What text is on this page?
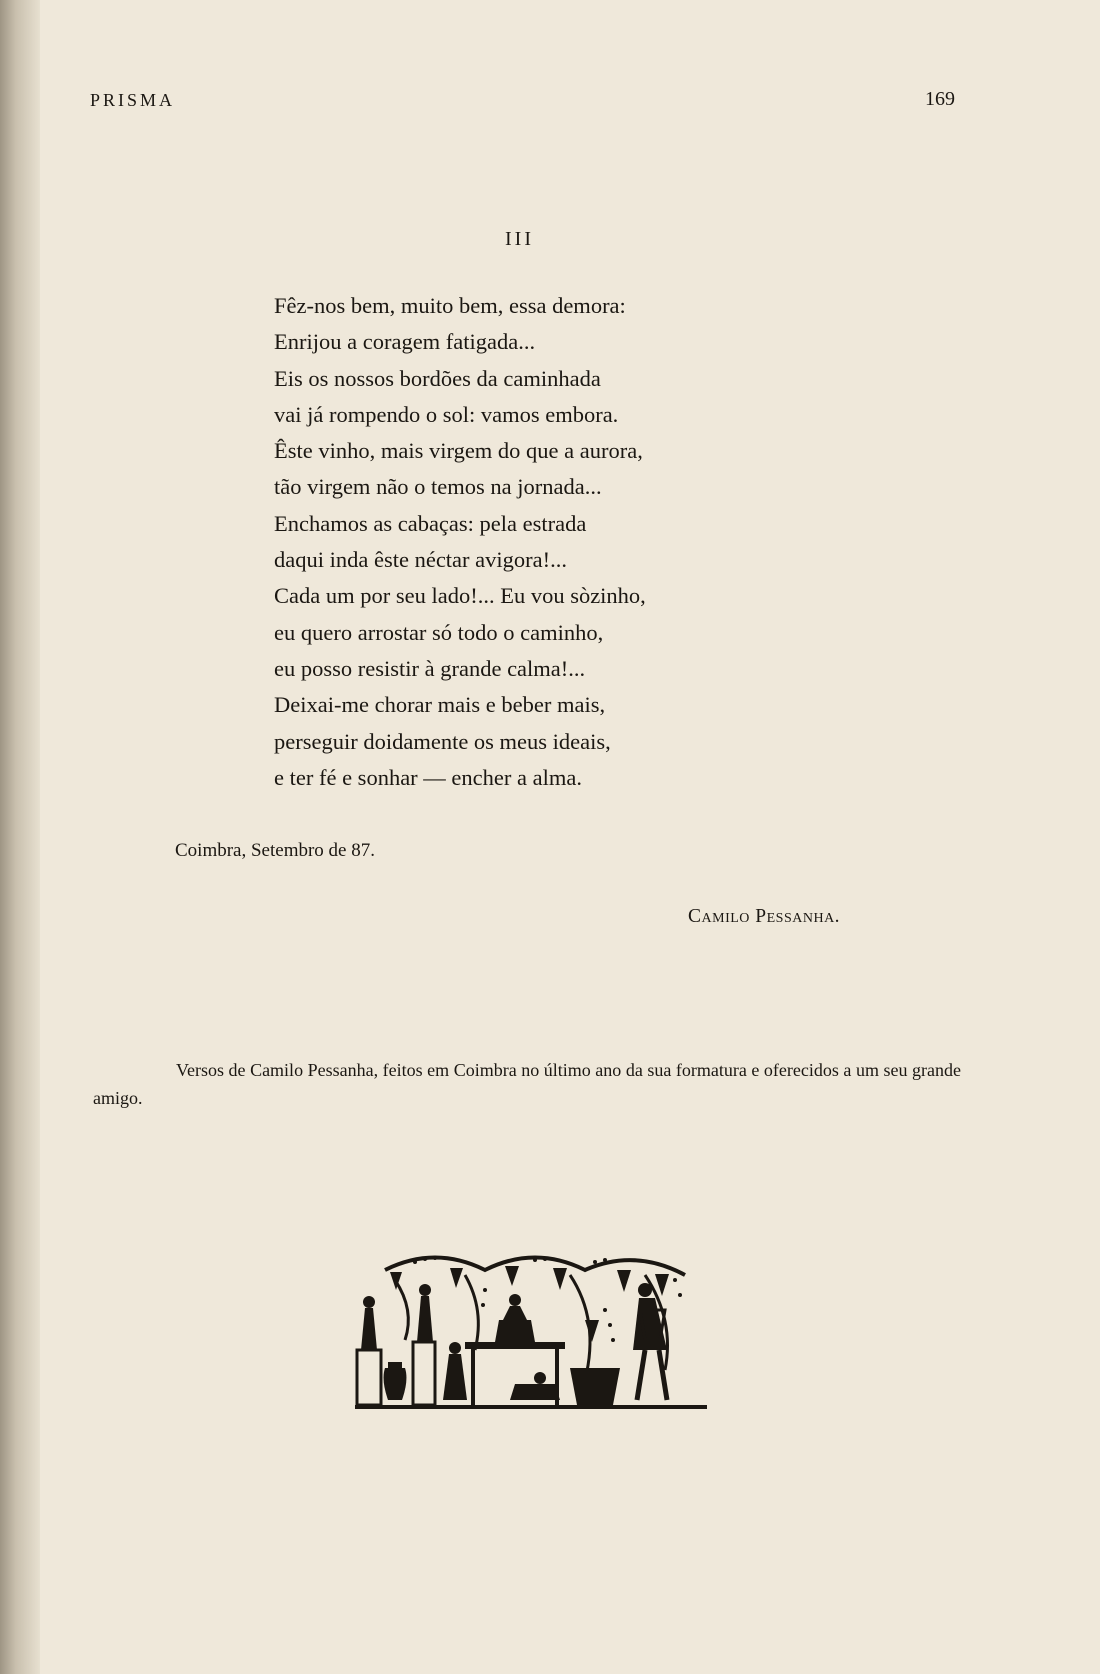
PRISMA	169
III
Fêz-nos bem, muito bem, essa demora:
Enrijou a coragem fatigada...
Eis os nossos bordões da caminhada
vai já rompendo o sol: vamos embora.
Êste vinho, mais virgem do que a aurora,
tão virgem não o temos na jornada...
Enchamos as cabaças: pela estrada
daqui inda êste néctar avigora!...
Cada um por seu lado!... Eu vou sòzinho,
eu quero arrostar só todo o caminho,
eu posso resistir à grande calma!...
Deixai-me chorar mais e beber mais,
perseguir doidamente os meus ideais,
e ter fé e sonhar — encher a alma.
Coimbra, Setembro de 87.
Camilo Pessanha.

Versos de Camilo Pessanha, feitos em Coimbra no último ano da sua formatura e oferecidos a um seu grande amigo.
